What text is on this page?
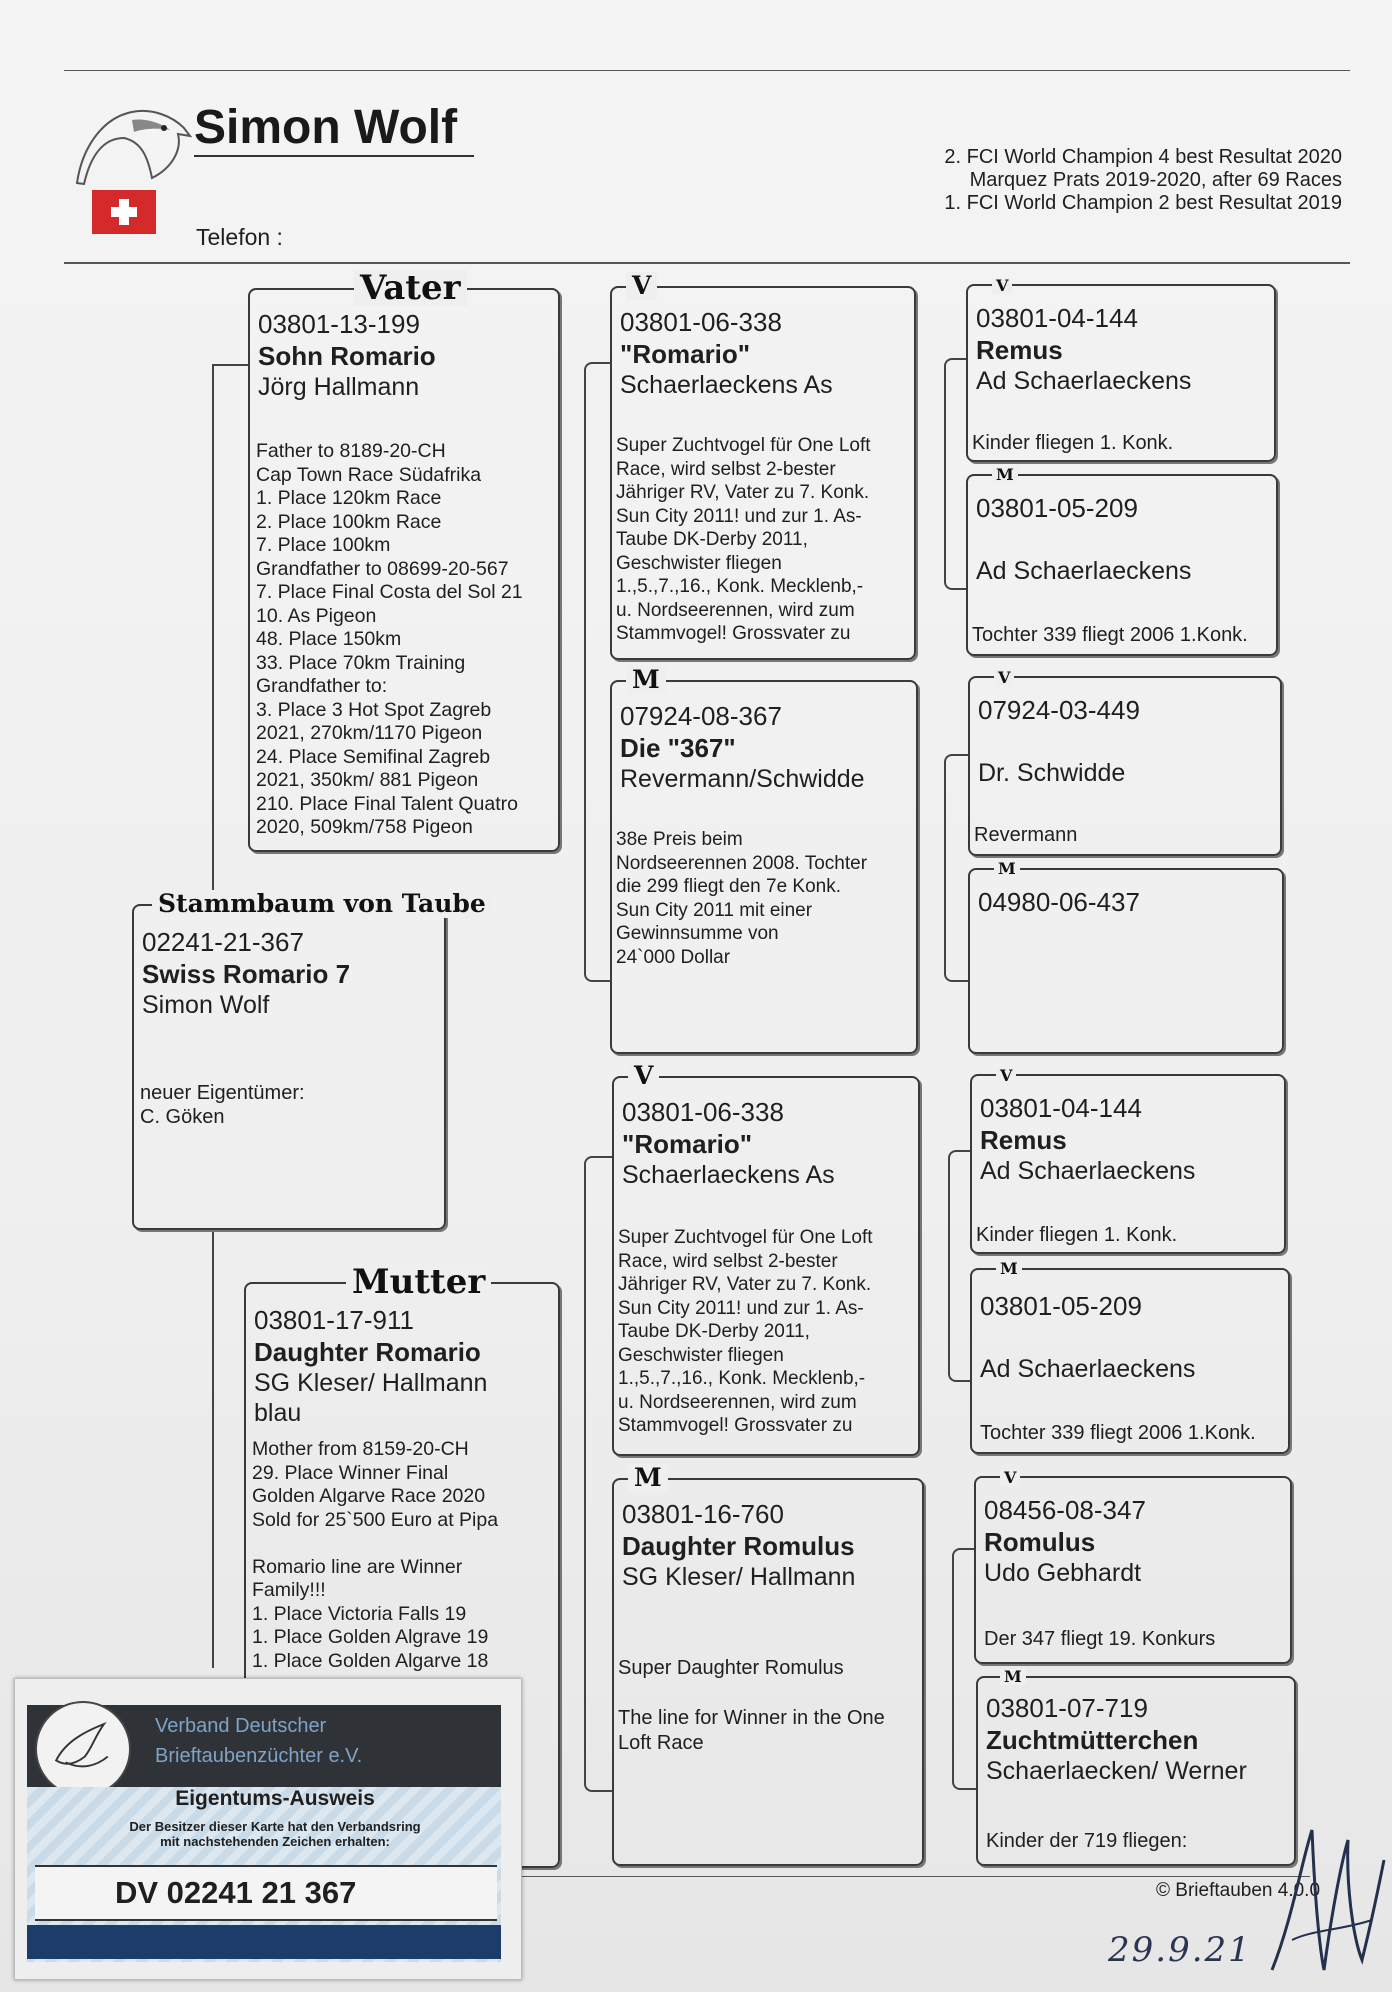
Simon Wolf
Telefon :
2. FCI World Champion 4 best Resultat 2020
Marquez Prats 2019-2020, after 69 Races
1. FCI World Champion 2 best Resultat 2019
03801-13-199
Sohn Romario
Jörg Hallmann
Father to 8189-20-CH
Cap Town Race Südafrika
1. Place 120km Race
2. Place 100km Race
7. Place 100km
Grandfather to 08699-20-567
7. Place Final Costa del Sol 21
10. As Pigeon
48. Place 150km
33. Place 70km Training
Grandfather to:
3. Place 3 Hot Spot Zagreb
2021, 270km/1170 Pigeon
24. Place Semifinal Zagreb
2021, 350km/ 881 Pigeon
210. Place Final Talent Quatro
2020, 509km/758 Pigeon
Vater
02241-21-367
Swiss Romario 7
Simon Wolf
neuer Eigentümer:
C. Göken
Stammbaum von Taube
03801-17-911
Daughter Romario
SG Kleser/ Hallmann
blau
Mother from 8159-20-CH
29. Place Winner Final
Golden Algarve Race 2020
Sold for 25`500 Euro at Pipa
Romario line are Winner
Family!!!
1. Place Victoria Falls 19
1. Place Golden Algrave 19
1. Place Golden Algarve 18
Mutter
03801-06-338
"Romario"
Schaerlaeckens As
Super Zuchtvogel für One Loft
Race, wird selbst 2-bester
Jähriger RV, Vater zu 7. Konk.
Sun City 2011! und zur 1. As-
Taube DK-Derby 2011,
Geschwister fliegen
1.,5.,7.,16., Konk. Mecklenb,-
u. Nordseerennen, wird zum
Stammvogel! Grossvater zu
V
07924-08-367
Die "367"
Revermann/Schwidde
38e Preis beim
Nordseerennen 2008. Tochter
die 299 fliegt den 7e Konk.
Sun City 2011 mit einer
Gewinnsumme von
24`000 Dollar
M
03801-06-338
"Romario"
Schaerlaeckens As
Super Zuchtvogel für One Loft
Race, wird selbst 2-bester
Jähriger RV, Vater zu 7. Konk.
Sun City 2011! und zur 1. As-
Taube DK-Derby 2011,
Geschwister fliegen
1.,5.,7.,16., Konk. Mecklenb,-
u. Nordseerennen, wird zum
Stammvogel! Grossvater zu
V
03801-16-760
Daughter Romulus
SG Kleser/ Hallmann
Super Daughter Romulus
The line for Winner in the One
Loft Race
M
03801-04-144
Remus
Ad Schaerlaeckens
Kinder fliegen 1. Konk.
V
03801-05-209
Ad Schaerlaeckens
Tochter 339 fliegt 2006 1.Konk.
M
07924-03-449
Dr. Schwidde
Revermann
V
04980-06-437
M
03801-04-144
Remus
Ad Schaerlaeckens
Kinder fliegen 1. Konk.
V
03801-05-209
Ad Schaerlaeckens
Tochter 339 fliegt 2006 1.Konk.
M
08456-08-347
Romulus
Udo Gebhardt
Der 347 fliegt 19. Konkurs
V
03801-07-719
Zuchtmütterchen
Schaerlaecken/ Werner
Kinder der 719 fliegen:
M
© Brieftauben 4.0.0
29.9.21
Verband Deutscher
Brieftaubenzüchter e.V.
Eigentums-Ausweis
Der Besitzer dieser Karte hat den Verbandsring
mit nachstehenden Zeichen erhalten:
DV 02241 21 367
